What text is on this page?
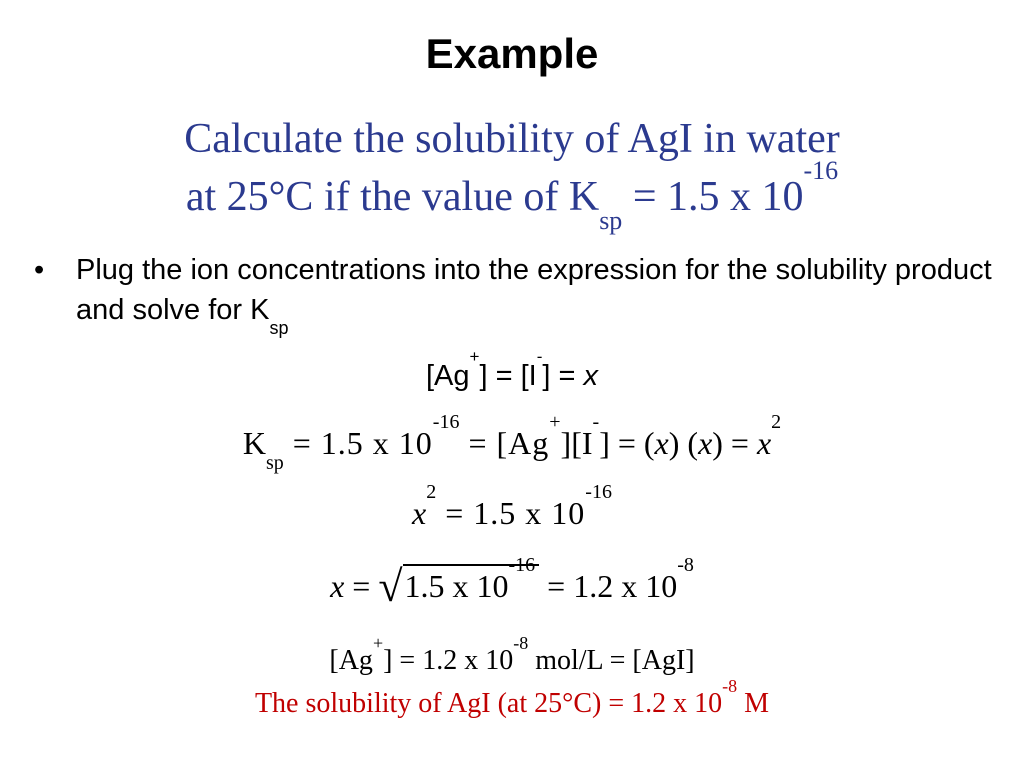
Example
Calculate the solubility of AgI in water
at 25°C if the value of $K_{sp} = 1.5$ x $10^{-16}$
•	Plug the ion concentrations into the expression for the solubility product and solve for $K_{sp}$
[Ag+] = [I-] = x
$K_{sp} = 1.5$ x $10^{-16} = [Ag^+][I^-] = (x) (x) = x^2$
$x^2 = 1.5$ x $10^{-16}$
x = √1.5 x $10^{-16} = 1.2$ x $10^{-8}$
[Ag+] = 1.2 x $10^{-8}$ mol/L = [AgI]
The solubility of AgI (at 25°C) = 1.2 x $10^{-8}$ M
